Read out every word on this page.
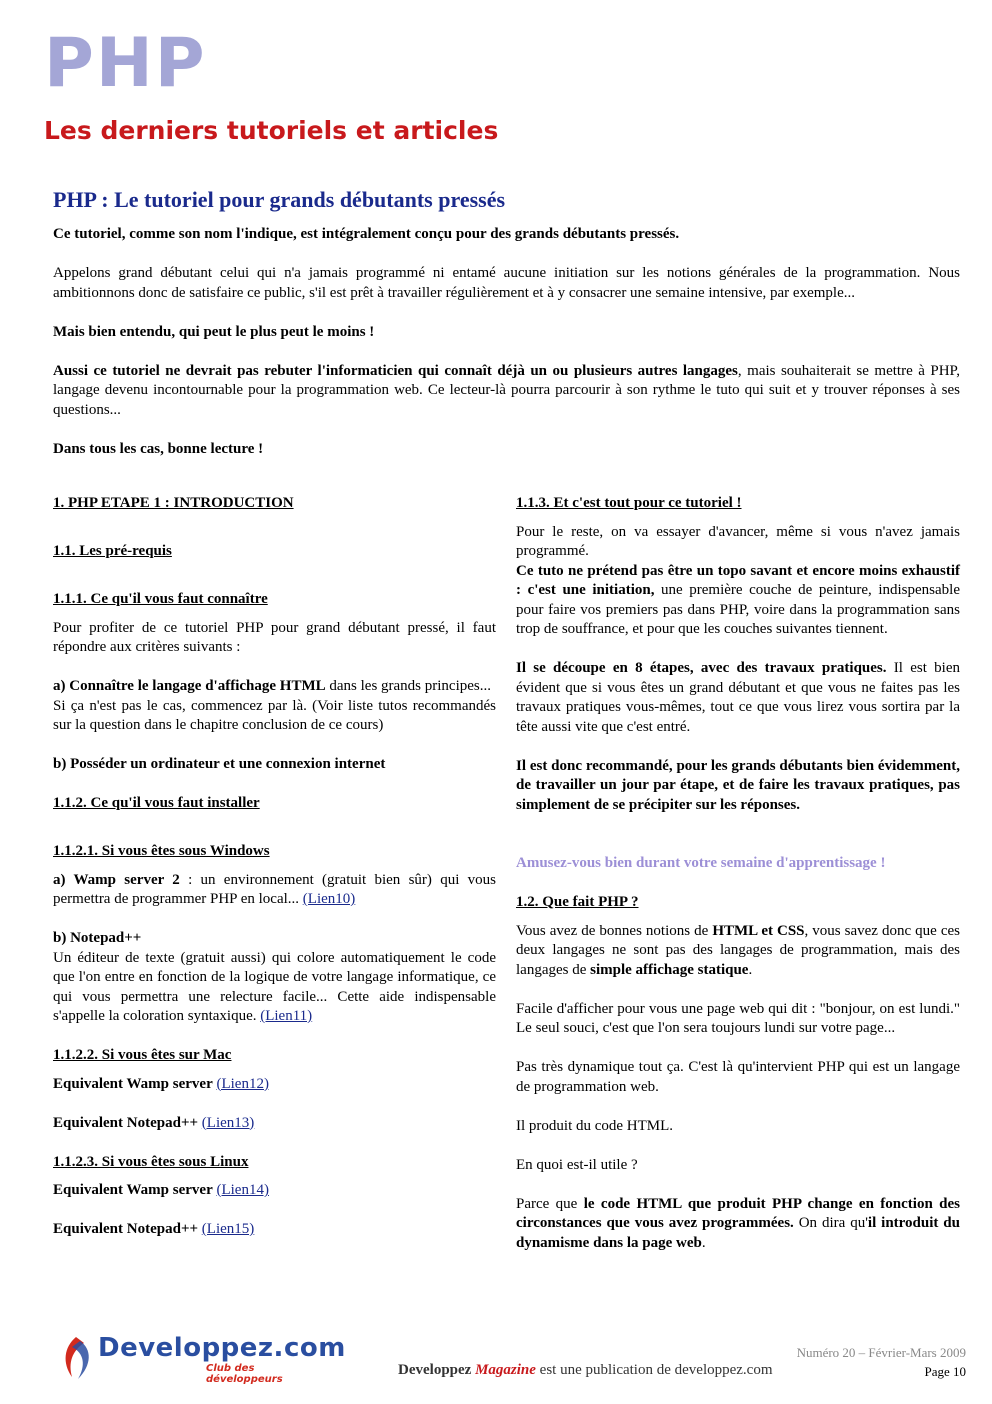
PHP
Les derniers tutoriels et articles
PHP : Le tutoriel pour grands débutants pressés

Ce tutoriel, comme son nom l'indique, est intégralement conçu pour des grands débutants pressés.

Appelons grand débutant celui qui n'a jamais programmé ni entamé aucune initiation sur les notions générales de la programmation. Nous ambitionnons donc de satisfaire ce public, s'il est prêt à travailler régulièrement et à y consacrer une semaine intensive, par exemple...

Mais bien entendu, qui peut le plus peut le moins !

Aussi ce tutoriel ne devrait pas rebuter l'informaticien qui connaît déjà un ou plusieurs autres langages, mais souhaiterait se mettre à PHP, langage devenu incontournable pour la programmation web. Ce lecteur-là pourra parcourir à son rythme le tuto qui suit et y trouver réponses à ses questions...

Dans tous les cas, bonne lecture !

1. PHP ETAPE 1 : INTRODUCTION

1.1. Les pré-requis

1.1.1. Ce qu'il vous faut connaître

Pour profiter de ce tutoriel PHP pour grand débutant pressé, il faut répondre aux critères suivants :

a) Connaître le langage d'affichage HTML dans les grands principes...
Si ça n'est pas le cas, commencez par là. (Voir liste tutos recommandés sur la question dans le chapitre conclusion de ce cours)

b) Posséder un ordinateur et une connexion internet

1.1.2. Ce qu'il vous faut installer

1.1.2.1. Si vous êtes sous Windows

a) Wamp server 2 : un environnement (gratuit bien sûr) qui vous permettra de programmer PHP en local... (Lien10)

b) Notepad++
Un éditeur de texte (gratuit aussi) qui colore automatiquement le code que l'on entre en fonction de la logique de votre langage informatique, ce qui vous permettra une relecture facile... Cette aide indispensable s'appelle la coloration syntaxique. (Lien11)

1.1.2.2. Si vous êtes sur Mac

Equivalent Wamp server (Lien12)

Equivalent Notepad++ (Lien13)

1.1.2.3. Si vous êtes sous Linux

Equivalent Wamp server (Lien14)

Equivalent Notepad++ (Lien15)

1.1.3. Et c'est tout pour ce tutoriel !

Pour le reste, on va essayer d'avancer, même si vous n'avez jamais programmé.

Ce tuto ne prétend pas être un topo savant et encore moins exhaustif : c'est une initiation, une première couche de peinture, indispensable pour faire vos premiers pas dans PHP, voire dans la programmation sans trop de souffrance, et pour que les couches suivantes tiennent.

Il se découpe en 8 étapes, avec des travaux pratiques. Il est bien évident que si vous êtes un grand débutant et que vous ne faites pas les travaux pratiques vous-mêmes, tout ce que vous lirez vous sortira par la tête aussi vite que c'est entré.

Il est donc recommandé, pour les grands débutants bien évidemment, de travailler un jour par étape, et de faire les travaux pratiques, pas simplement de se précipiter sur les réponses.

Amusez-vous bien durant votre semaine d'apprentissage !

1.2. Que fait PHP ?

Vous avez de bonnes notions de HTML et CSS, vous savez donc que ces deux langages ne sont pas des langages de programmation, mais des langages de simple affichage statique.

Facile d'afficher pour vous une page web qui dit : "bonjour, on est lundi." Le seul souci, c'est que l'on sera toujours lundi sur votre page...

Pas très dynamique tout ça. C'est là qu'intervient PHP qui est un langage de programmation web.

Il produit du code HTML.

En quoi est-il utile ?

Parce que le code HTML que produit PHP change en fonction des circonstances que vous avez programmées. On dira qu'il introduit du dynamisme dans la page web.

Developpez.com
Club des développeurs
Developpez Magazine est une publication de developpez.com
Numéro 20 – Février-Mars 2009
Page 10
